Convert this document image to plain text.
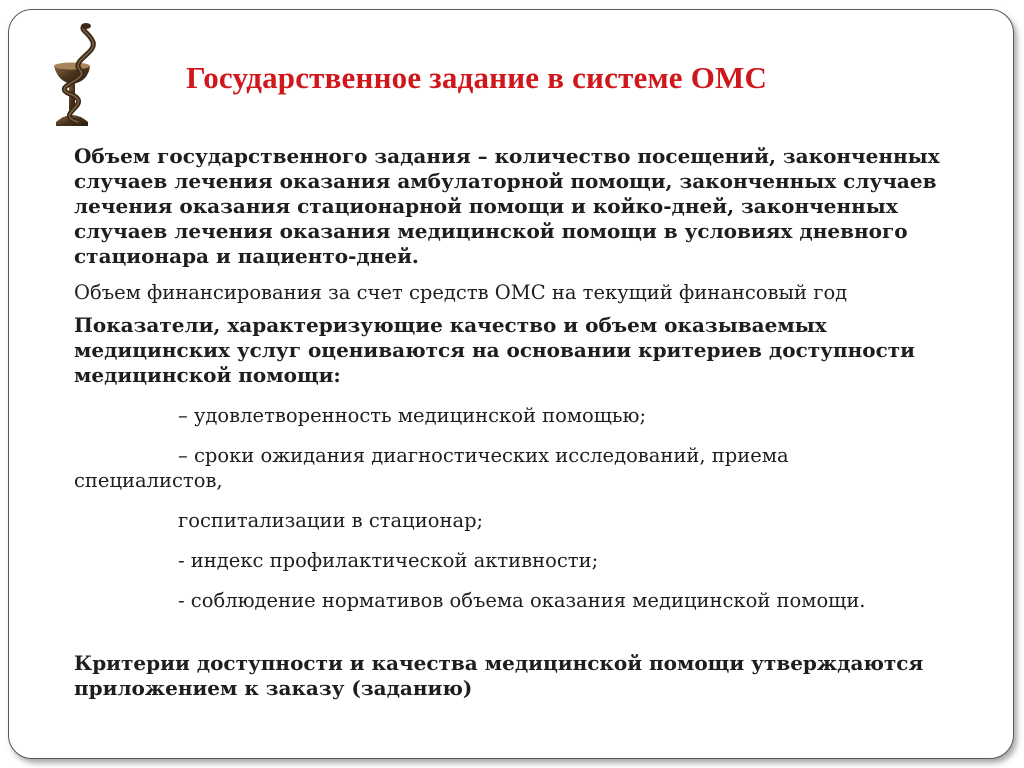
Государственное задание в системе ОМС

Объем государственного задания – количество посещений, законченных случаев лечения оказания амбулаторной помощи, законченных случаев лечения оказания стационарной помощи и койко-дней, законченных случаев лечения оказания медицинской помощи в условиях дневного стационара и пациенто-дней.

Объем финансирования за счет средств ОМС на текущий финансовый год

Показатели, характеризующие качество и объем оказываемых медицинских услуг оцениваются на основании критериев доступности медицинской помощи:

– удовлетворенность медицинской помощью;

– сроки ожидания диагностических исследований, приема

специалистов,

госпитализации в стационар;

- индекс профилактической активности;

- соблюдение нормативов объема оказания медицинской помощи.

Критерии доступности и качества медицинской помощи утверждаются приложением к заказу (заданию)
